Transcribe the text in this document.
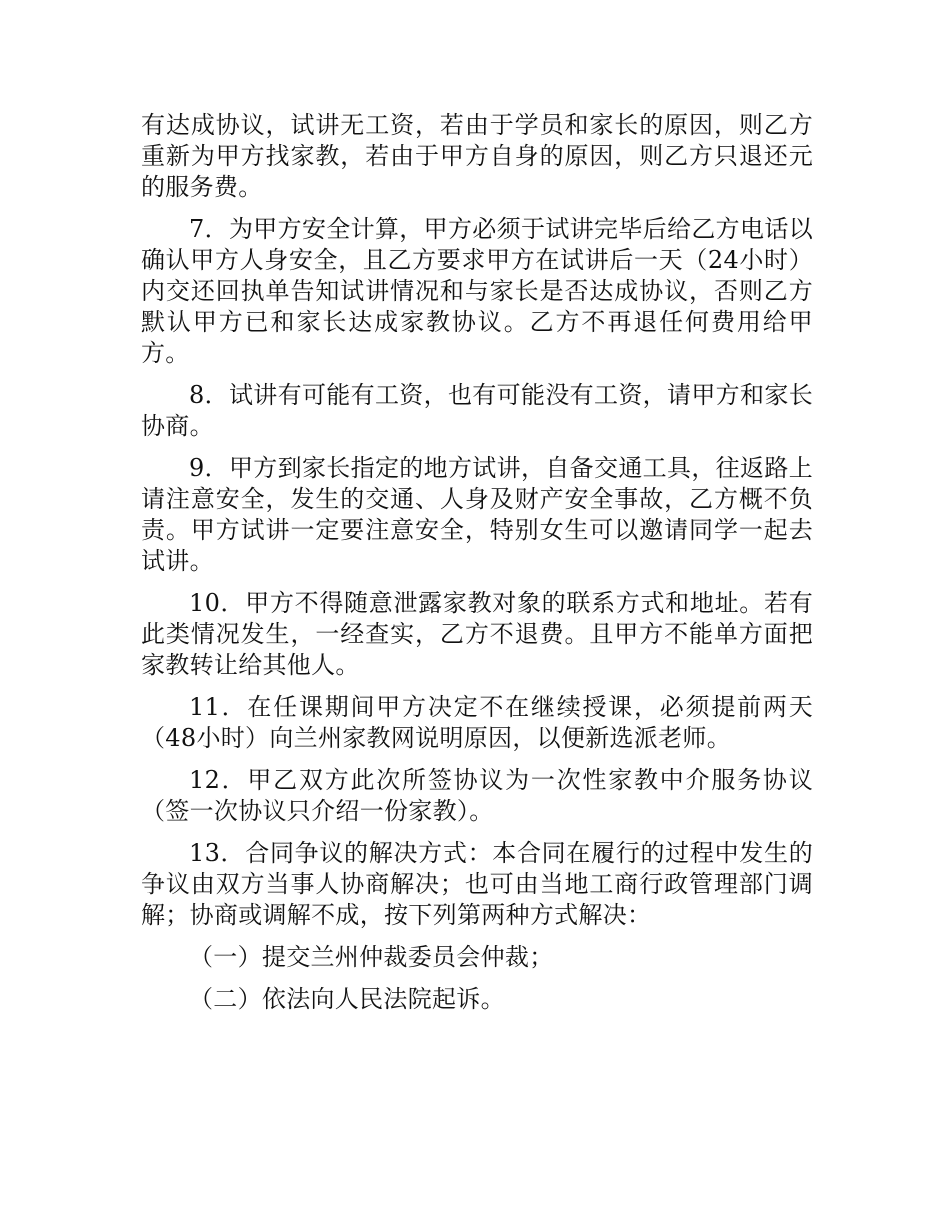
有达成协议，试讲无工资，若由于学员和家长的原因，则乙方重新为甲方找家教，若由于甲方自身的原因，则乙方只退还元的服务费。

7．为甲方安全计算，甲方必须于试讲完毕后给乙方电话以确认甲方人身安全，且乙方要求甲方在试讲后一天（24小时）内交还回执单告知试讲情况和与家长是否达成协议，否则乙方默认甲方已和家长达成家教协议。乙方不再退任何费用给甲方。

8．试讲有可能有工资，也有可能没有工资，请甲方和家长协商。

9．甲方到家长指定的地方试讲，自备交通工具，往返路上请注意安全，发生的交通、人身及财产安全事故，乙方概不负责。甲方试讲一定要注意安全，特别女生可以邀请同学一起去试讲。

10．甲方不得随意泄露家教对象的联系方式和地址。若有此类情况发生，一经查实，乙方不退费。且甲方不能单方面把家教转让给其他人。

11．在任课期间甲方决定不在继续授课，必须提前两天（48小时）向兰州家教网说明原因，以便新选派老师。

12．甲乙双方此次所签协议为一次性家教中介服务协议（签一次协议只介绍一份家教）。

13．合同争议的解决方式：本合同在履行的过程中发生的争议由双方当事人协商解决；也可由当地工商行政管理部门调解；协商或调解不成，按下列第两种方式解决：

（一）提交兰州仲裁委员会仲裁；

（二）依法向人民法院起诉。
